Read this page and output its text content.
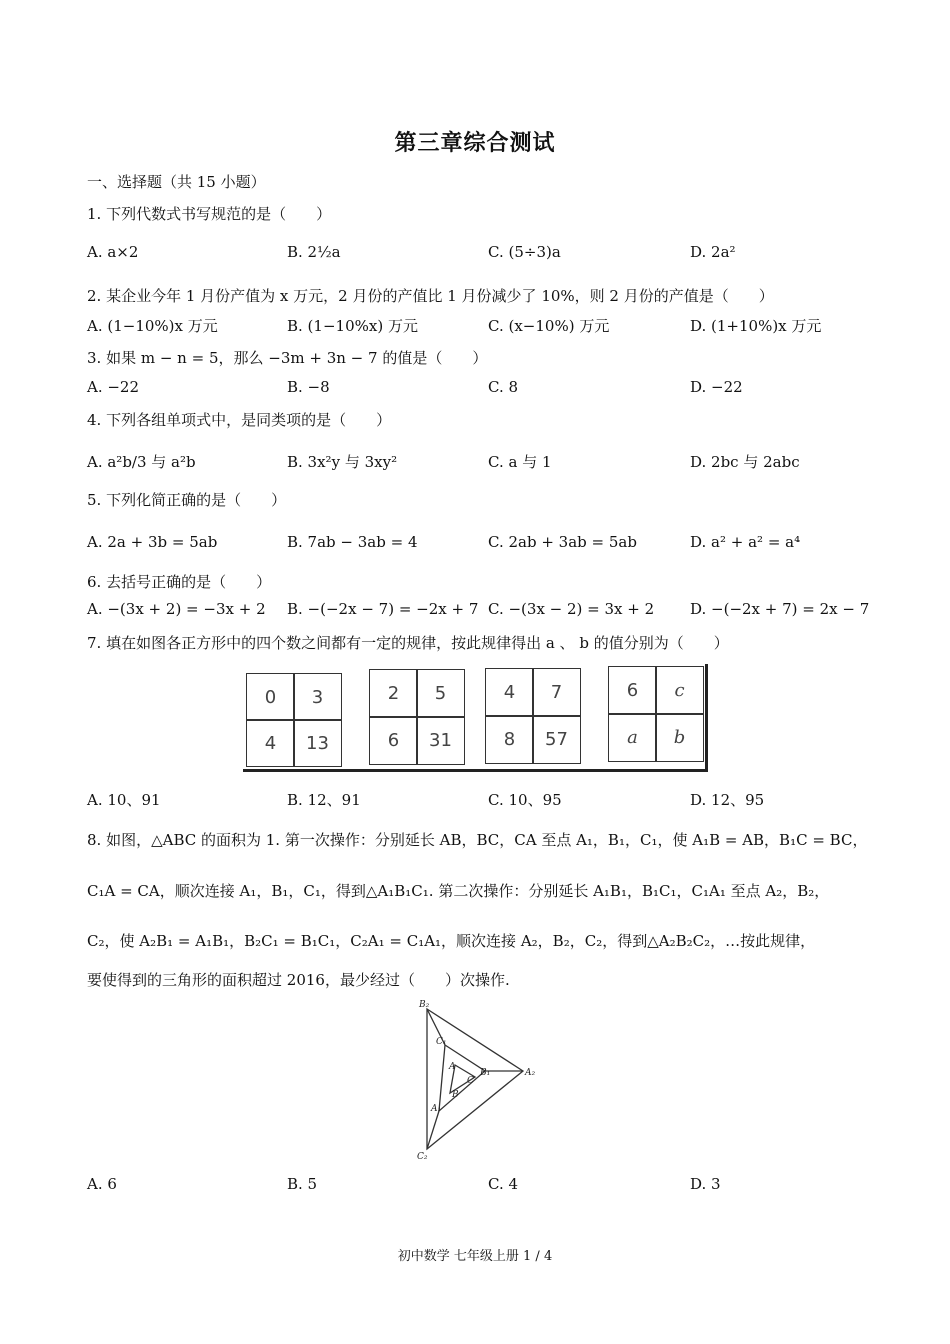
第三章综合测试
一、选择题（共 15 小题）
1. 下列代数式书写规范的是（　　）
A. a×2	B. 2½a	C. (5÷3)a	D. 2a²
2. 某企业今年 1 月份产值为 x 万元，2 月份的产值比 1 月份减少了 10%，则 2 月份的产值是（　　）
A. (1−10%)x 万元	B. (1−10%x) 万元	C. (x−10%) 万元	D. (1+10%)x 万元
3. 如果 m − n = 5，那么 −3m + 3n − 7 的值是（　　）
A. −22	B. −8	C. 8	D. −22
4. 下列各组单项式中，是同类项的是（　　）
A. a²b/3 与 a²b	B. 3x²y 与 3xy²	C. a 与 1	D. 2bc 与 2abc
5. 下列化简正确的是（　　）
A. 2a + 3b = 5ab	B. 7ab − 3ab = 4	C. 2ab + 3ab = 5ab	D. a² + a² = a⁴
6. 去括号正确的是（　　）
A. −(3x + 2) = −3x + 2 B. −(−2x − 7) = −2x + 7 C. −(3x − 2) = 3x + 2 D. −(−2x + 7) = 2x − 7
7. 填在如图各正方形中的四个数之间都有一定的规律，按此规律得出 a 、 b 的值分别为（　　）
0	3
4	13
2	5
6	31
4	7
8	57
6	c
a	b
A. 10、91	B. 12、91	C. 10、95	D. 12、95
8. 如图，△ABC 的面积为 1. 第一次操作：分别延长 AB，BC，CA 至点 A₁，B₁，C₁，使 A₁B = AB，B₁C = BC，
C₁A = CA，顺次连接 A₁，B₁，C₁，得到△A₁B₁C₁. 第二次操作：分别延长 A₁B₁，B₁C₁，C₁A₁ 至点 A₂，B₂，
C₂，使 A₂B₁ = A₁B₁，B₂C₁ = B₁C₁，C₂A₁ = C₁A₁，顺次连接 A₂，B₂，C₂，得到△A₂B₂C₂，…按此规律，
要使得到的三角形的面积超过 2016，最少经过（　　）次操作.
B₂
C₁
A
B₁
C
A₂
B
A₁
C₂
A. 6	B. 5	C. 4	D. 3
初中数学 七年级上册 1 / 4
